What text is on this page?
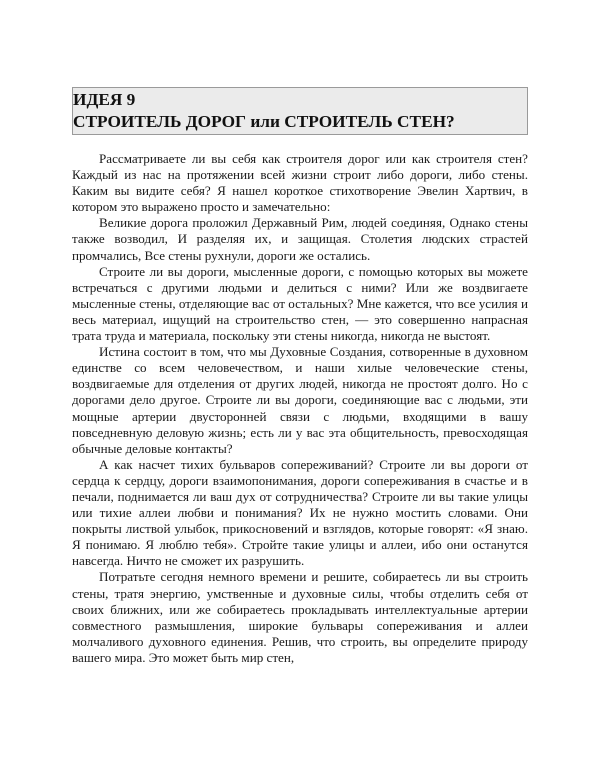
ИДЕЯ 9
СТРОИТЕЛЬ ДОРОГ или СТРОИТЕЛЬ СТЕН?

Рассматриваете ли вы себя как строителя дорог или как строителя стен? Каждый из нас на протяжении всей жизни строит либо дороги, либо стены. Каким вы видите себя? Я нашел короткое стихотворение Эвелин Хартвич, в котором это выражено просто и замечательно:

Великие дорога проложил Державный Рим, людей соединяя, Однако стены также возводил, И разделяя их, и защищая. Столетия людских страстей промчались, Все стены рухнули, дороги же остались.

Строите ли вы дороги, мысленные дороги, с помощью которых вы можете встречаться с другими людьми и делиться с ними? Или же воздвигаете мысленные стены, отделяющие вас от остальных? Мне кажется, что все усилия и весь материал, ищущий на строительство стен, — это совершенно напрасная трата труда и материала, поскольку эти стены никогда, никогда не выстоят.

Истина состоит в том, что мы Духовные Создания, сотворенные в духовном единстве со всем человечеством, и наши хилые человеческие стены, воздвигаемые для отделения от других людей, никогда не простоят долго. Но с дорогами дело другое. Строите ли вы дороги, соединяющие вас с людьми, эти мощные артерии двусторонней связи с людьми, входящими в вашу повседневную деловую жизнь; есть ли у вас эта общительность, превосходящая обычные деловые контакты?

А как насчет тихих бульваров сопереживаний? Строите ли вы дороги от сердца к сердцу, дороги взаимопонимания, дороги сопереживания в счастье и в печали, поднимается ли ваш дух от сотрудничества? Строите ли вы такие улицы или тихие аллеи любви и понимания? Их не нужно мостить словами. Они покрыты листвой улыбок, прикосновений и взглядов, которые говорят: «Я знаю. Я понимаю. Я люблю тебя». Стройте такие улицы и аллеи, ибо они останутся навсегда. Ничто не сможет их разрушить.

Потратьте сегодня немного времени и решите, собираетесь ли вы строить стены, тратя энергию, умственные и духовные силы, чтобы отделить себя от своих ближних, или же собираетесь прокладывать интеллектуальные артерии совместного размышления, широкие бульвары сопереживания и аллеи молчаливого духовного единения. Решив, что строить, вы определите природу вашего мира. Это может быть мир стен,
